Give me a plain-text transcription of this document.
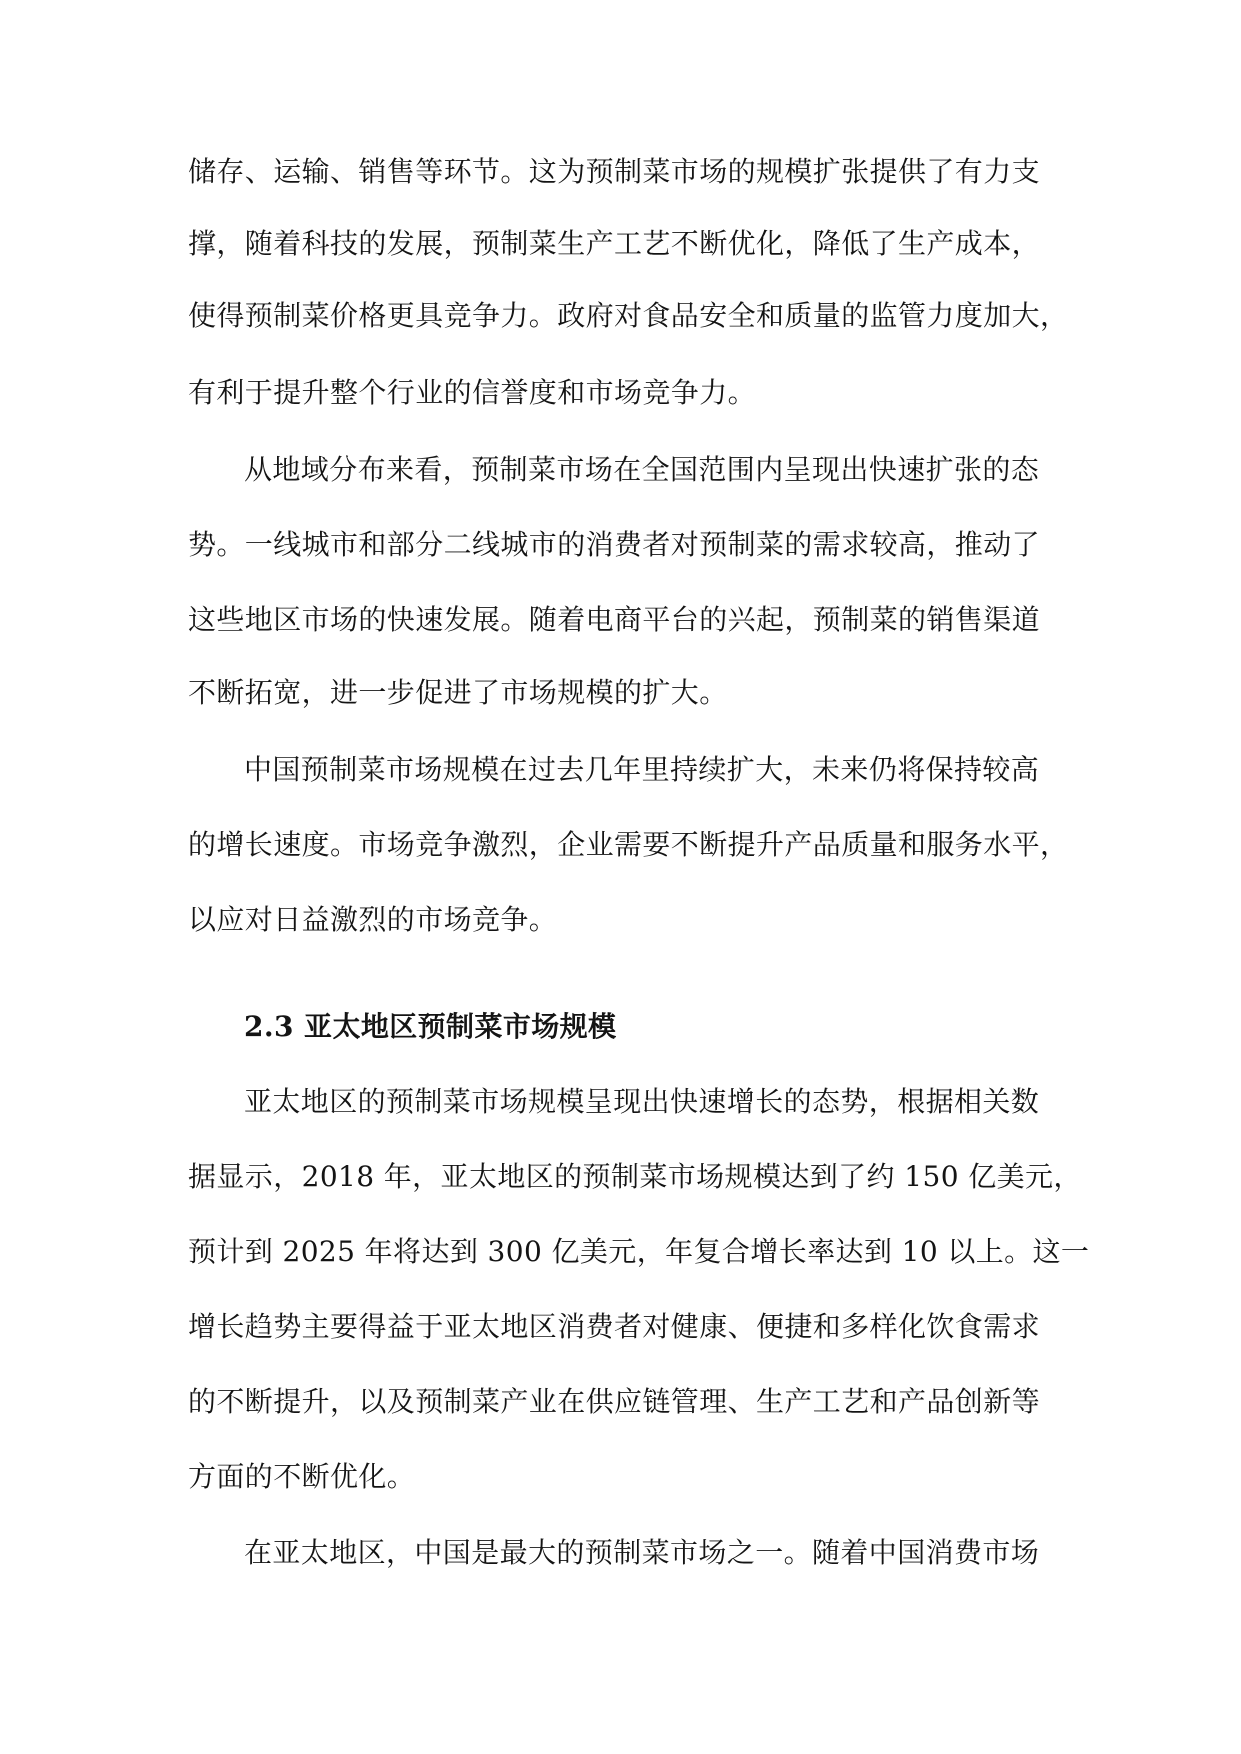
储存、运输、销售等环节。这为预制菜市场的规模扩张提供了有力支
撑，随着科技的发展，预制菜生产工艺不断优化，降低了生产成本，
使得预制菜价格更具竞争力。政府对食品安全和质量的监管力度加大，
有利于提升整个行业的信誉度和市场竞争力。
从地域分布来看，预制菜市场在全国范围内呈现出快速扩张的态
势。一线城市和部分二线城市的消费者对预制菜的需求较高，推动了
这些地区市场的快速发展。随着电商平台的兴起，预制菜的销售渠道
不断拓宽，进一步促进了市场规模的扩大。
中国预制菜市场规模在过去几年里持续扩大，未来仍将保持较高
的增长速度。市场竞争激烈，企业需要不断提升产品质量和服务水平，
以应对日益激烈的市场竞争。
2.3 亚太地区预制菜市场规模
亚太地区的预制菜市场规模呈现出快速增长的态势，根据相关数
据显示，2018 年，亚太地区的预制菜市场规模达到了约 150 亿美元，
预计到 2025 年将达到 300 亿美元，年复合增长率达到 10 以上。这一
增长趋势主要得益于亚太地区消费者对健康、便捷和多样化饮食需求
的不断提升，以及预制菜产业在供应链管理、生产工艺和产品创新等
方面的不断优化。
在亚太地区，中国是最大的预制菜市场之一。随着中国消费市场
